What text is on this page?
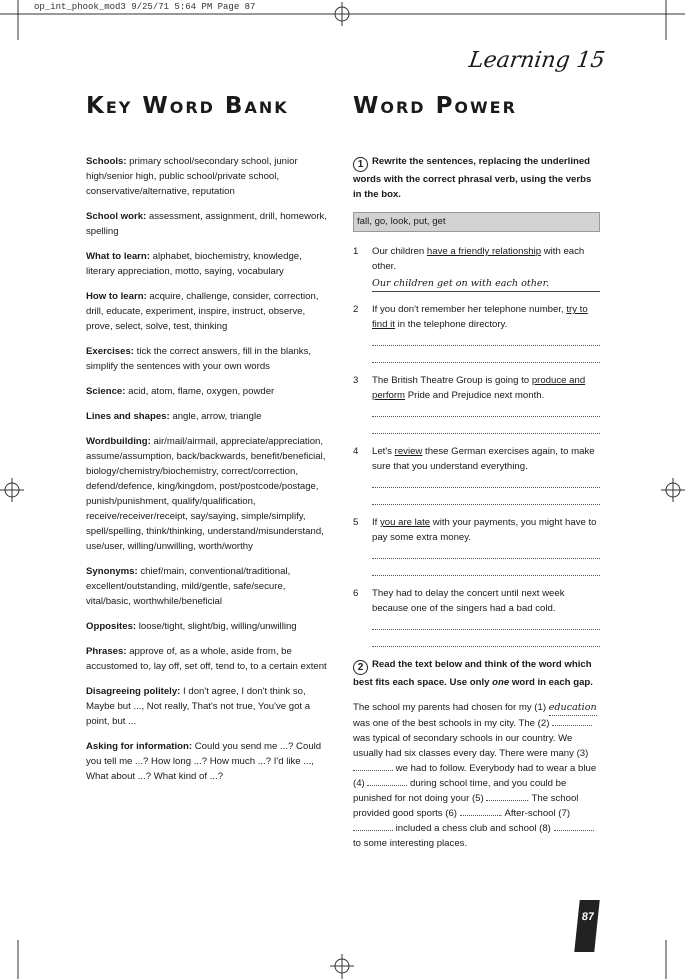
op_int_phook_mod3 9/25/71 5:64 PM Page 87
Learning 15
Key Word Bank	Word Power

Schools: primary school/secondary school, junior high/senior high, public school/private school, conservative/alternative, reputation

School work: assessment, assignment, drill, homework, spelling

What to learn: alphabet, biochemistry, knowledge, literary appreciation, motto, saying, vocabulary

How to learn: acquire, challenge, consider, correction, drill, educate, experiment, inspire, instruct, observe, prove, select, solve, test, thinking

Exercises: tick the correct answers, fill in the blanks, simplify the sentences with your own words

Science: acid, atom, flame, oxygen, powder

Lines and shapes: angle, arrow, triangle

Wordbuilding: air/mail/airmail, appreciate/appreciation, assume/assumption, back/backwards, benefit/beneficial, biology/chemistry/biochemistry, correct/correction, defend/defence, king/kingdom, post/postcode/postage, punish/punishment, qualify/qualification, receive/receiver/receipt, say/saying, simple/simplify, spell/spelling, think/thinking, understand/misunderstand, use/user, willing/unwilling, worth/worthy

Synonyms: chief/main, conventional/traditional, excellent/outstanding, mild/gentle, safe/secure, vital/basic, worthwhile/beneficial

Opposites: loose/tight, slight/big, willing/unwilling

Phrases: approve of, as a whole, aside from, be accustomed to, lay off, set off, tend to, to a certain extent

Disagreeing politely: I don't agree, I don't think so, Maybe but ..., Not really, That's not true, You've got a point, but ...

Asking for information: Could you send me ...? Could you tell me ...? How long ...? How much ...? I'd like ..., What about ...? What kind of ...?

1 Rewrite the sentences, replacing the underlined words with the correct phrasal verb, using the verbs in the box.

fall, go, look, put, get
1 Our children have a friendly relationship with each other.
Our children get on with each other.
2 If you don't remember her telephone number, try to find it in the telephone directory.
3 The British Theatre Group is going to produce and perform Pride and Prejudice next month.
4 Let's review these German exercises again, to make sure that you understand everything.
5 If you are late with your payments, you might have to pay some extra money.
6 They had to delay the concert until next week because one of the singers had a bad cold.

2 Read the text below and think of the word which best fits each space. Use only one word in each gap.

The school my parents had chosen for my (1) education was one of the best schools in my city. The (2)  was typical of secondary schools in our country. We usually had six classes every day. There were many (3)  we had to follow. Everybody had to wear a blue (4)	during school time, and you could be punished for not doing your (5)	. The school provided good sports (6)	. After-school (7)  included a chess club and school (8)  to some interesting places.

87
